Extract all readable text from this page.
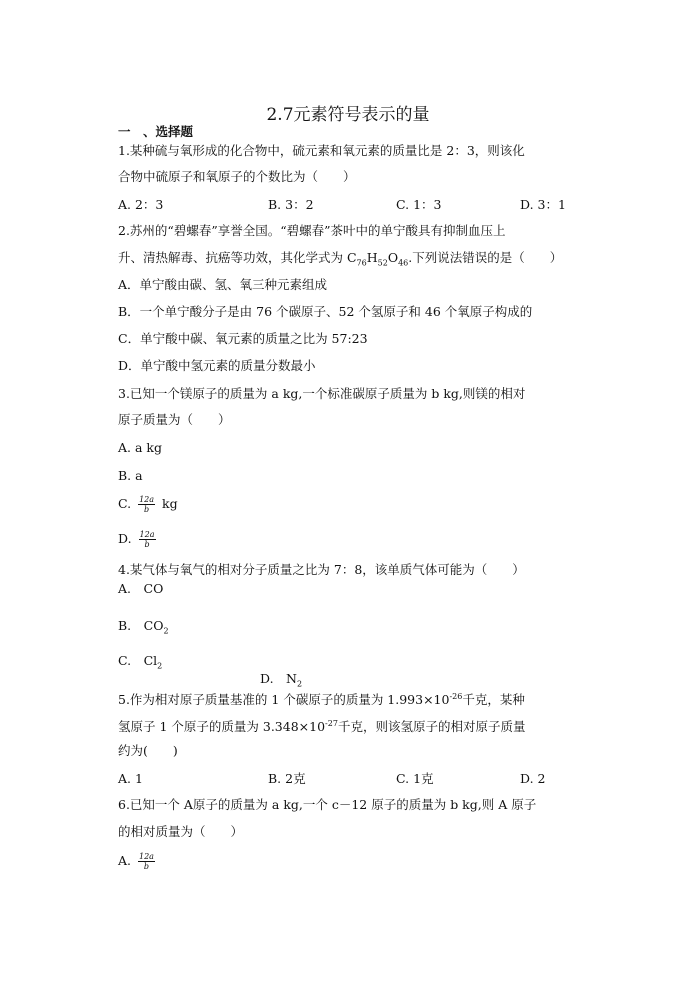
2.7元素符号表示的量
一　、选择题
1.某种硫与氧形成的化合物中，硫元素和氧元素的质量比是 2：3，则该化
合物中硫原子和氧原子的个数比为（　　）
A. 2：3	B. 3：2	C. 1：3	D. 3：1
2.苏州的“碧螺春”享誉全国。“碧螺春”茶叶中的单宁酸具有抑制血压上
升、清热解毒、抗癌等功效，其化学式为 $C_{76}H_{52}O_{46}$.下列说法错误的是（　　）
A．单宁酸由碳、氢、氧三种元素组成
B．一个单宁酸分子是由 76 个碳原子、52 个氢原子和 46 个氧原子构成的
C．单宁酸中碳、氧元素的质量之比为 57:23
D．单宁酸中氢元素的质量分数最小
3.已知一个镁原子的质量为 a kg,一个标准碳原子质量为 b kg,则镁的相对
原子质量为（　　）
A. a kg
B. a
C. $\frac{12a}{b}$ kg
D. $\frac{12a}{b}$
4.某气体与氧气的相对分子质量之比为 7：8，该单质气体可能为（　　）
A.　CO
B.　$CO_2$
C.　$Cl_2$
D.　$N_2$
5.作为相对原子质量基准的 1 个碳原子的质量为 $1.993\times 10^{-26}$千克，某种
氢原子 1 个原子的质量为 $3.348\times 10^{-27}$千克，则该氢原子的相对原子质量
约为(　　)
A. 1	B. 2克	C. 1克	D. 2
6.已知一个 A原子的质量为 a kg,一个 c－12 原子的质量为 b kg,则 A 原子
的相对质量为（　　）
A. $\frac{12a}{b}$
